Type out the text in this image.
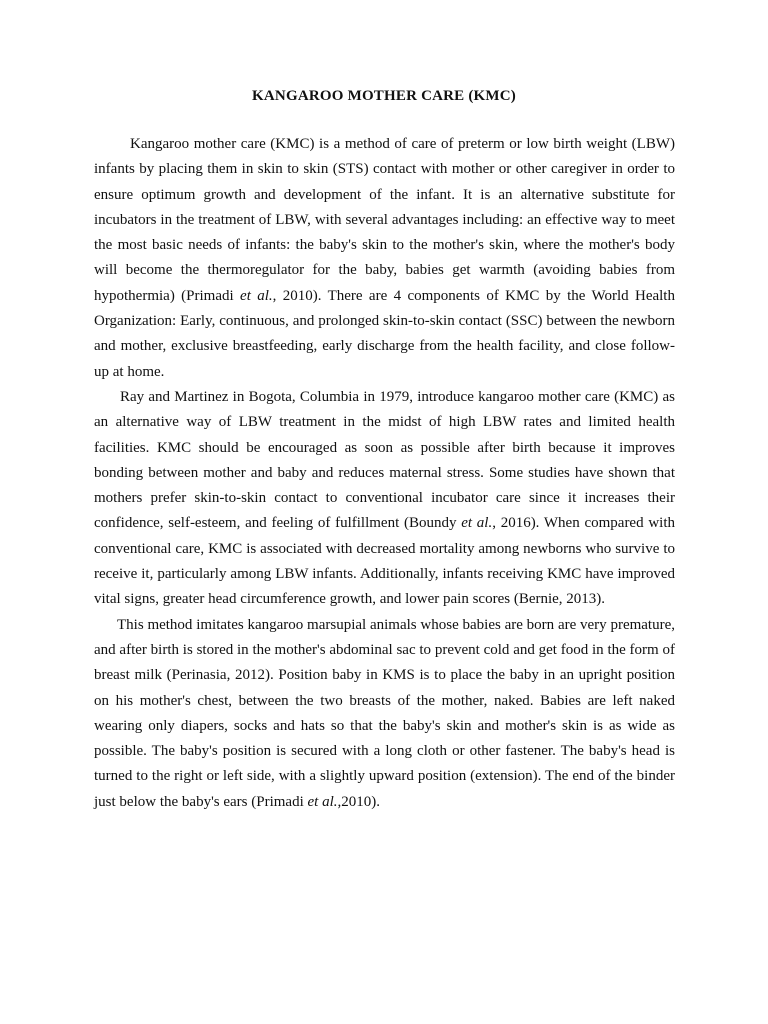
KANGAROO MOTHER CARE (KMC)

Kangaroo mother care (KMC) is a method of care of preterm or low birth weight (LBW) infants by placing them in skin to skin (STS) contact with mother or other caregiver in order to ensure optimum growth and development of the infant. It is an alternative substitute for incubators in the treatment of LBW, with several advantages including: an effective way to meet the most basic needs of infants: the baby's skin to the mother's skin, where the mother's body will become the thermoregulator for the baby, babies get warmth (avoiding babies from hypothermia) (Primadi et al., 2010). There are 4 components of KMC by the World Health Organization: Early, continuous, and prolonged skin-to-skin contact (SSC) between the newborn and mother, exclusive breastfeeding, early discharge from the health facility, and close follow-up at home.

Ray and Martinez in Bogota, Columbia in 1979, introduce kangaroo mother care (KMC) as an alternative way of LBW treatment in the midst of high LBW rates and limited health facilities. KMC should be encouraged as soon as possible after birth because it improves bonding between mother and baby and reduces maternal stress. Some studies have shown that mothers prefer skin-to-skin contact to conventional incubator care since it increases their confidence, self-esteem, and feeling of fulfillment (Boundy et al., 2016). When compared with conventional care, KMC is associated with decreased mortality among newborns who survive to receive it, particularly among LBW infants. Additionally, infants receiving KMC have improved vital signs, greater head circumference growth, and lower pain scores (Bernie, 2013).

This method imitates kangaroo marsupial animals whose babies are born are very premature, and after birth is stored in the mother's abdominal sac to prevent cold and get food in the form of breast milk (Perinasia, 2012). Position baby in KMS is to place the baby in an upright position on his mother's chest, between the two breasts of the mother, naked. Babies are left naked wearing only diapers, socks and hats so that the baby's skin and mother's skin is as wide as possible. The baby's position is secured with a long cloth or other fastener. The baby's head is turned to the right or left side, with a slightly upward position (extension). The end of the binder just below the baby's ears (Primadi et al.,2010).
